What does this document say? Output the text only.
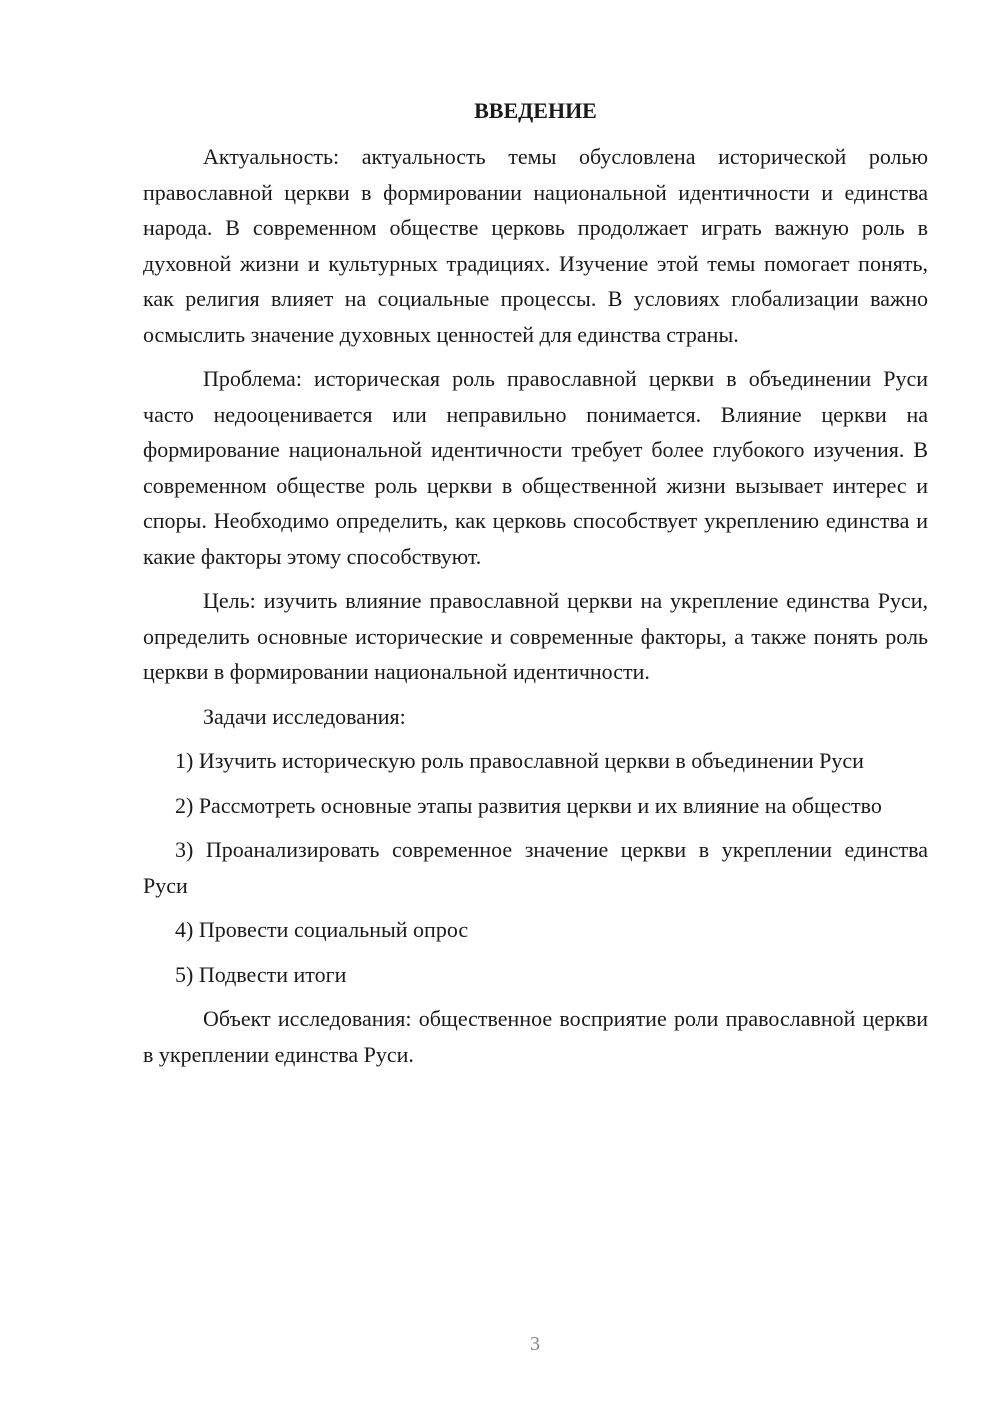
ВВЕДЕНИЕ

Актуальность: актуальность темы обусловлена исторической ролью православной церкви в формировании национальной идентичности и единства народа. В современном обществе церковь продолжает играть важную роль в духовной жизни и культурных традициях. Изучение этой темы помогает понять, как религия влияет на социальные процессы. В условиях глобализации важно осмыслить значение духовных ценностей для единства страны.

Проблема: историческая роль православной церкви в объединении Руси часто недооценивается или неправильно понимается. Влияние церкви на формирование национальной идентичности требует более глубокого изучения. В современном обществе роль церкви в общественной жизни вызывает интерес и споры. Необходимо определить, как церковь способствует укреплению единства и какие факторы этому способствуют.

Цель: изучить влияние православной церкви на укрепление единства Руси, определить основные исторические и современные факторы, а также понять роль церкви в формировании национальной идентичности.

Задачи исследования:

1) Изучить историческую роль православной церкви в объединении Руси

2) Рассмотреть основные этапы развития церкви и их влияние на общество

3) Проанализировать современное значение церкви в укреплении единства Руси

4) Провести социальный опрос

5) Подвести итоги

Объект исследования: общественное восприятие роли православной церкви в укреплении единства Руси.

3
